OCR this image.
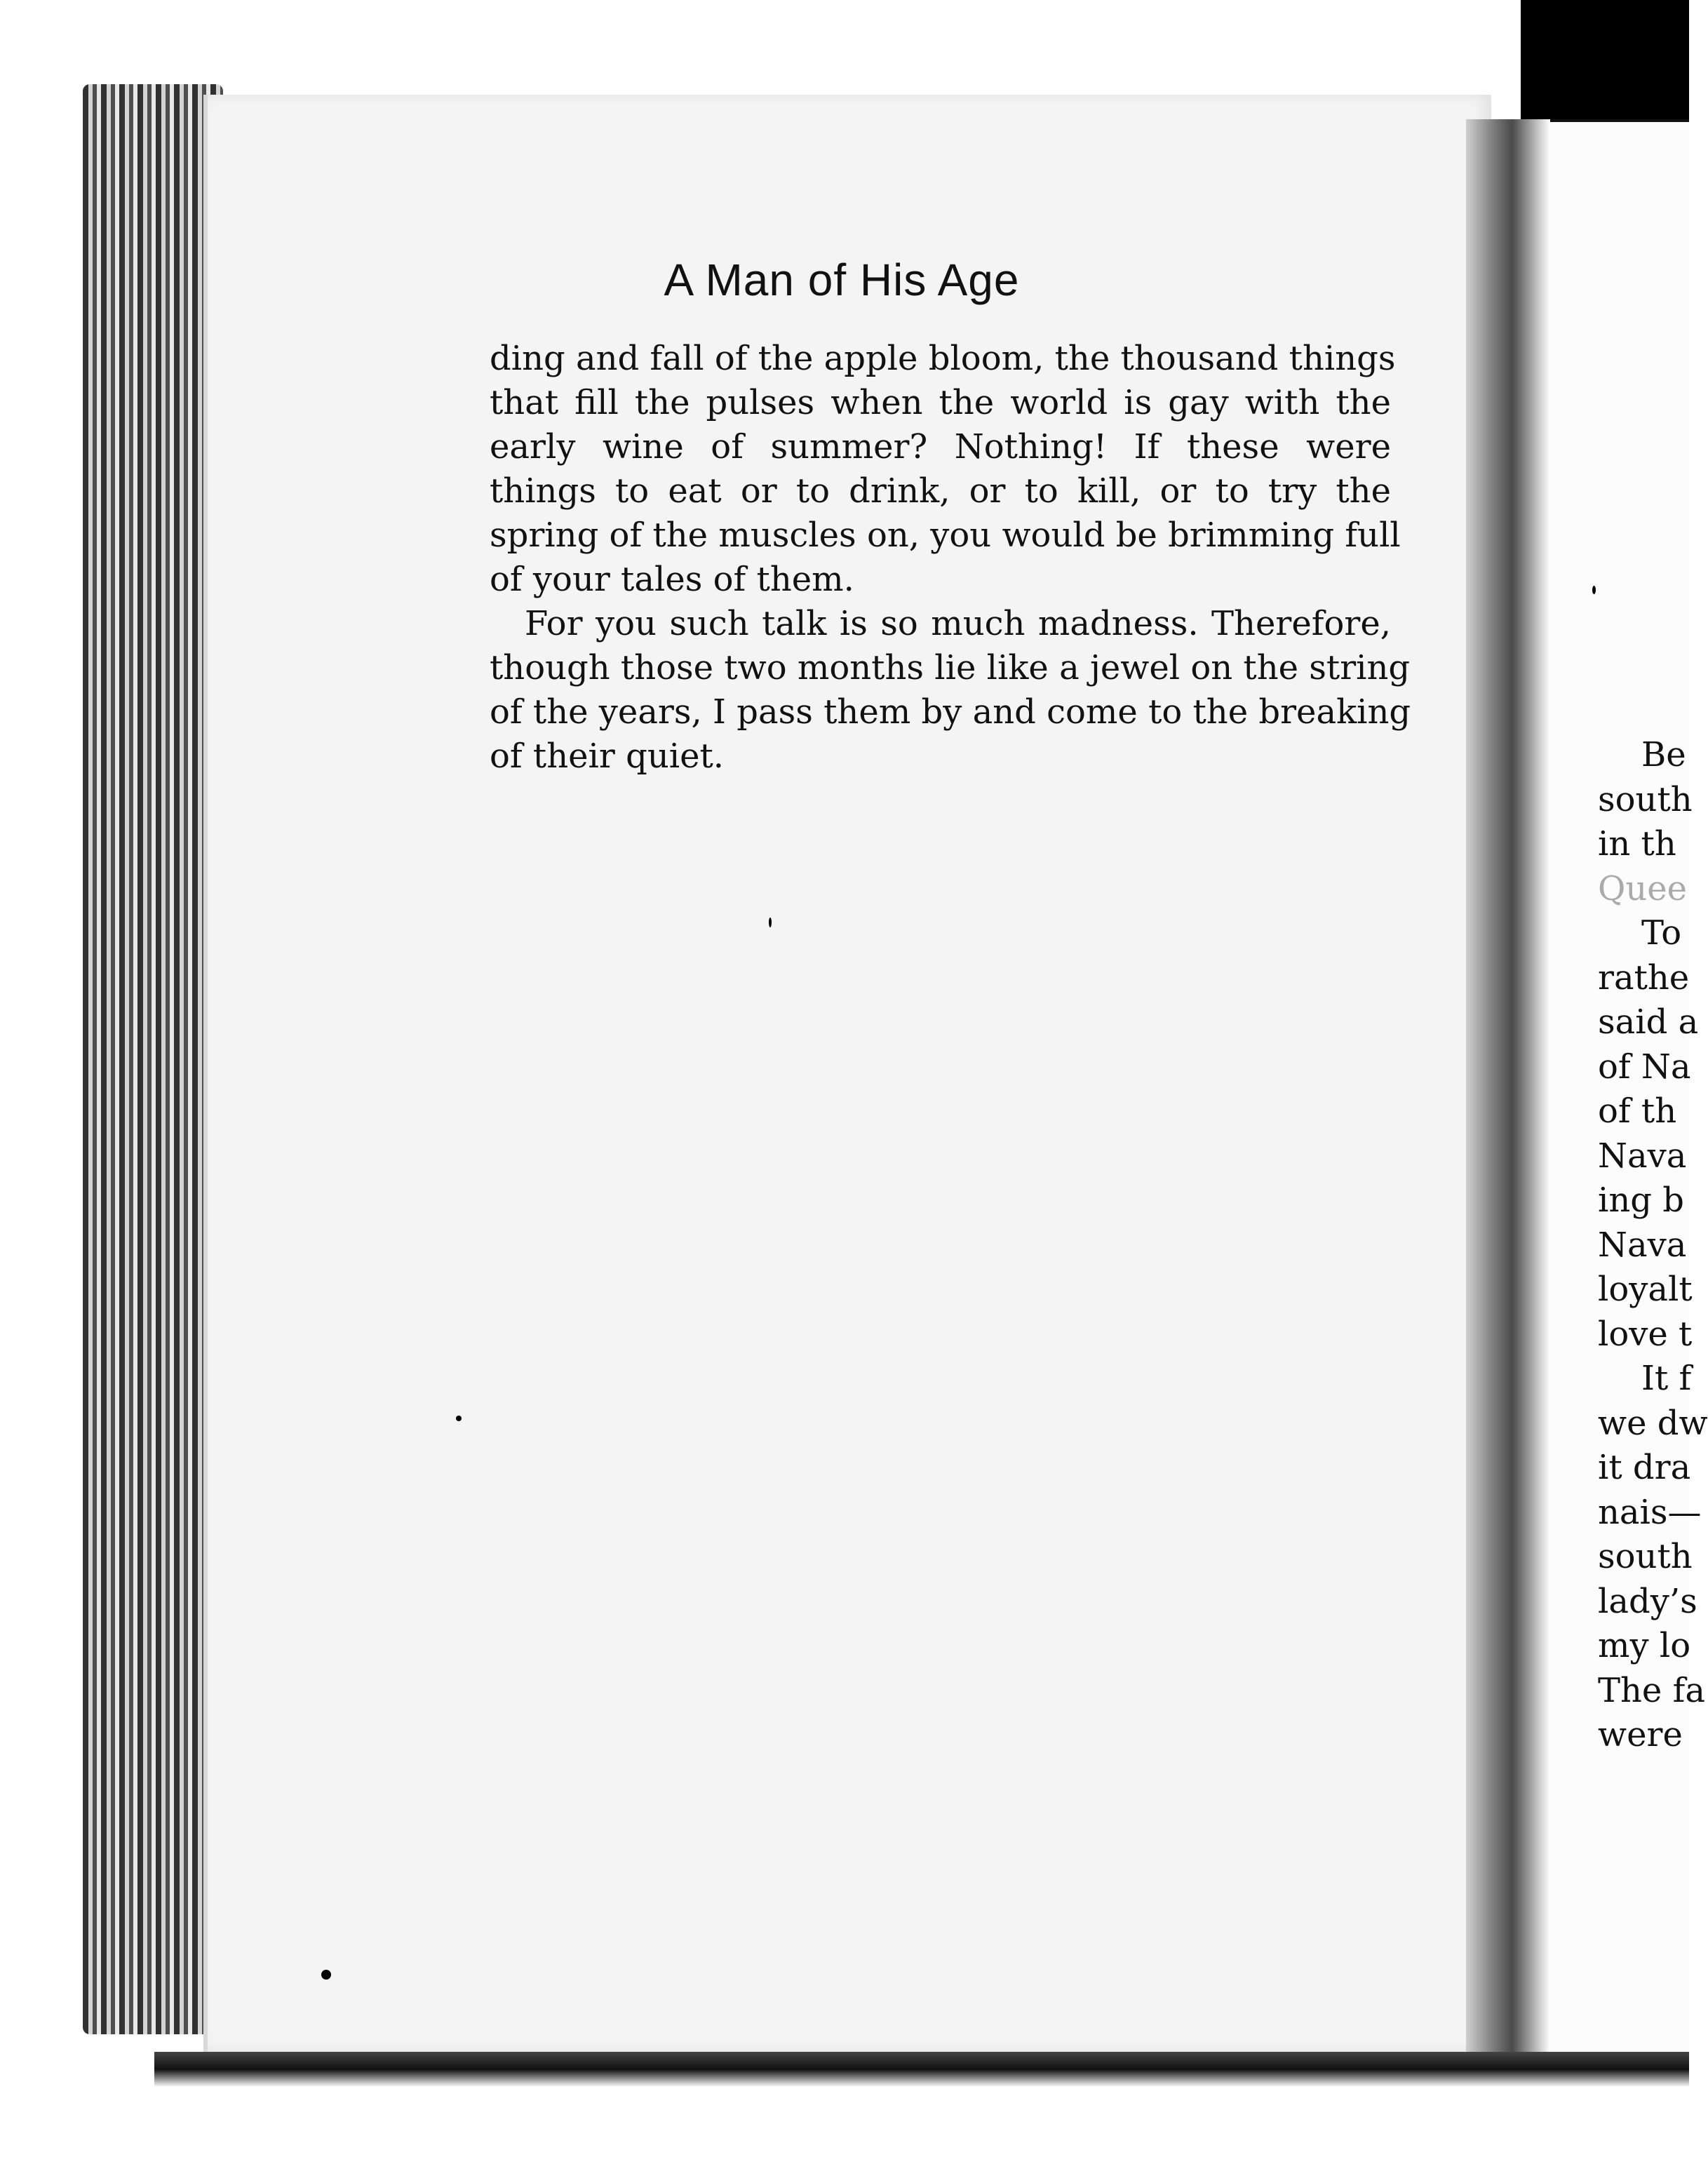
A Man of His Age
ding and fall of the apple bloom, the thousand things
that fill the pulses when the world is gay with the
early wine of summer? Nothing! If these were
things to eat or to drink, or to kill, or to try the
spring of the muscles on, you would be brimming full
of your tales of them.
For you such talk is so much madness. Therefore,
though those two months lie like a jewel on the string
of the years, I pass them by and come to the breaking
of their quiet.	Be
south
in th
Quee
To
rathe
said a
of Na
of th
Nava
ing b
Nava
loyalt
love t
It f
we dw
it dra
nais—
south
lady’s
my lo
The fa
were
